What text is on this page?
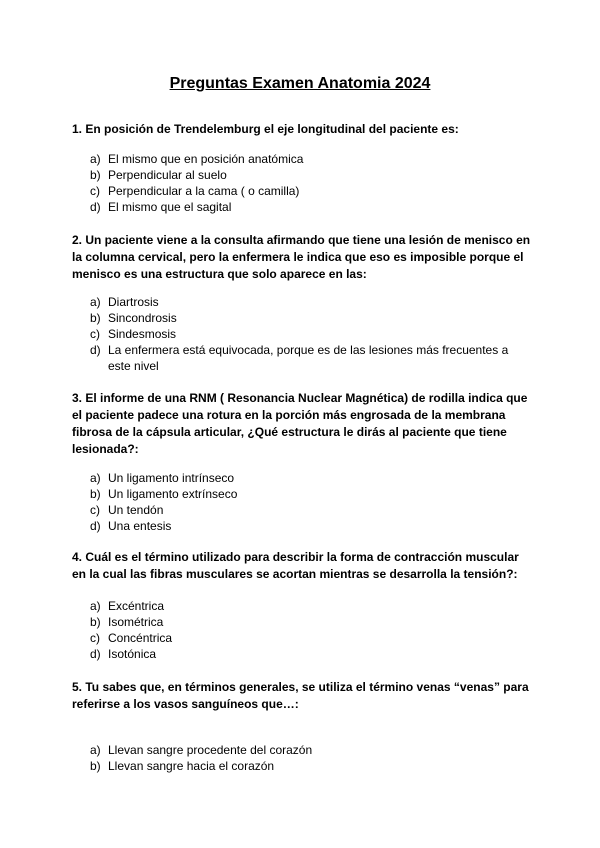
Preguntas Examen Anatomia 2024

1. En posición de Trendelemburg el eje longitudinal del paciente es:

a) El mismo que en posición anatómica
b) Perpendicular al suelo
c) Perpendicular a la cama ( o camilla)
d) El mismo que el sagital

2. Un paciente viene a la consulta afirmando que tiene una lesión de menisco en la columna cervical, pero la enfermera le indica que eso es imposible porque el menisco es una estructura que solo aparece en las:

a) Diartrosis
b) Sincondrosis
c) Sindesmosis
d) La enfermera está equivocada, porque es de las lesiones más frecuentes a este nivel

3. El informe de una RNM ( Resonancia Nuclear Magnética) de rodilla indica que el paciente padece una rotura en la porción más engrosada de la membrana fibrosa de la cápsula articular, ¿Qué estructura le dirás al paciente que tiene lesionada?:

a) Un ligamento intrínseco
b) Un ligamento extrínseco
c) Un tendón
d) Una entesis

4. Cuál es el término utilizado para describir la forma de contracción muscular en la cual las fibras musculares se acortan mientras se desarrolla la tensión?:

a) Excéntrica
b) Isométrica
c) Concéntrica
d) Isotónica

5. Tu sabes que, en términos generales, se utiliza el término venas “venas” para referirse a los vasos sanguíneos que…:

a) Llevan sangre procedente del corazón
b) Llevan sangre hacia el corazón
